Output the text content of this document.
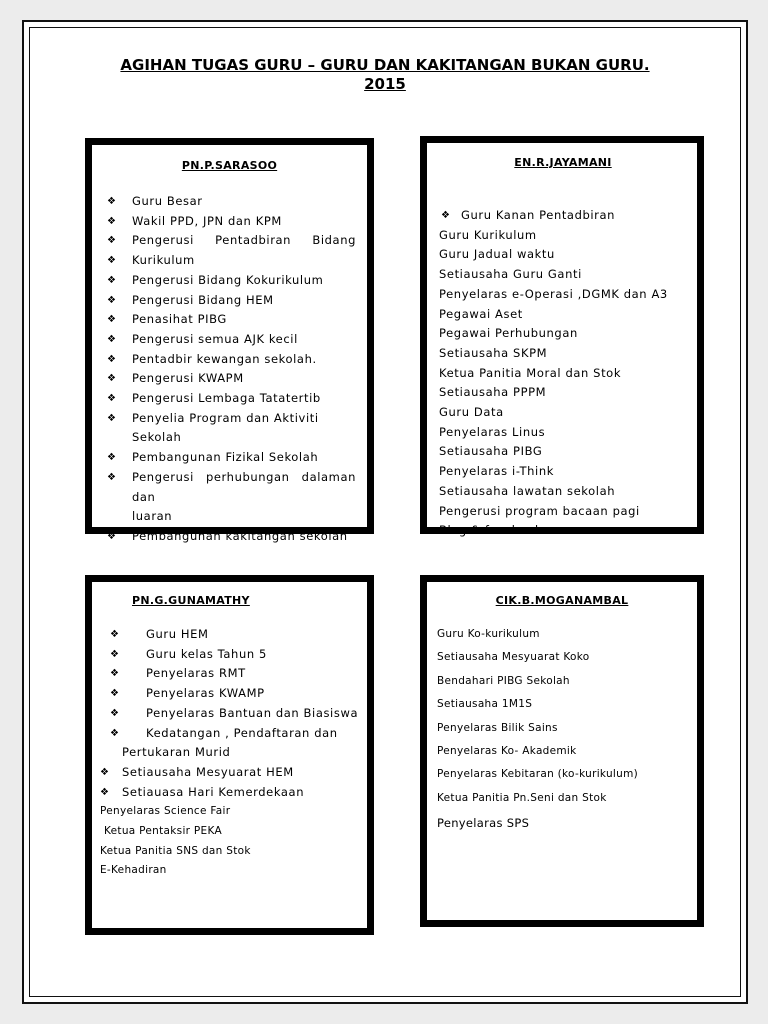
AGIHAN TUGAS GURU – GURU DAN KAKITANGAN BUKAN GURU.
2015
PN.P.SARASOO
❖ Guru Besar
❖ Wakil PPD, JPN dan KPM
❖ Pengerusi Pentadbiran Bidang
❖ Kurikulum
❖ Pengerusi Bidang Kokurikulum
❖ Pengerusi Bidang HEM
❖ Penasihat PIBG
❖ Pengerusi semua AJK kecil
❖ Pentadbir kewangan sekolah.
❖ Pengerusi KWAPM
❖ Pengerusi Lembaga Tatatertib
❖ Penyelia Program dan Aktiviti Sekolah
❖ Pembangunan Fizikal Sekolah
❖ Pengerusi perhubungan dalaman dan
luaran
❖ Pembangunan kakitangan sekolah
EN.R.JAYAMANI
❖ Guru Kanan Pentadbiran
Guru Kurikulum
Guru Jadual waktu
Setiausaha Guru Ganti
Penyelaras e-Operasi ,DGMK dan A3
Pegawai Aset
Pegawai Perhubungan
Setiausaha SKPM
Ketua Panitia Moral dan Stok
Setiausaha PPPM
Guru Data
Penyelaras Linus
Setiausaha PIBG
Penyelaras i-Think
Setiausaha lawatan sekolah
Pengerusi program bacaan pagi
Blog & facebook
PN.G.GUNAMATHY
❖ Guru HEM
❖ Guru kelas Tahun 5
❖ Penyelaras RMT
❖ Penyelaras KWAMP
❖ Penyelaras Bantuan dan Biasiswa
❖ Kedatangan , Pendaftaran dan
Pertukaran Murid
❖ Setiausaha Mesyuarat HEM
❖ Setiauasa Hari Kemerdekaan
Penyelaras Science Fair
Ketua Pentaksir PEKA
Ketua Panitia SNS dan Stok
E-Kehadiran
CIK.B.MOGANAMBAL
Guru Ko-kurikulum
Setiausaha Mesyuarat Koko
Bendahari PIBG Sekolah
Setiausaha 1M1S
Penyelaras Bilik Sains
Penyelaras Ko- Akademik
Penyelaras Kebitaran (ko-kurikulum)
Ketua Panitia Pn.Seni dan Stok
Penyelaras SPS
